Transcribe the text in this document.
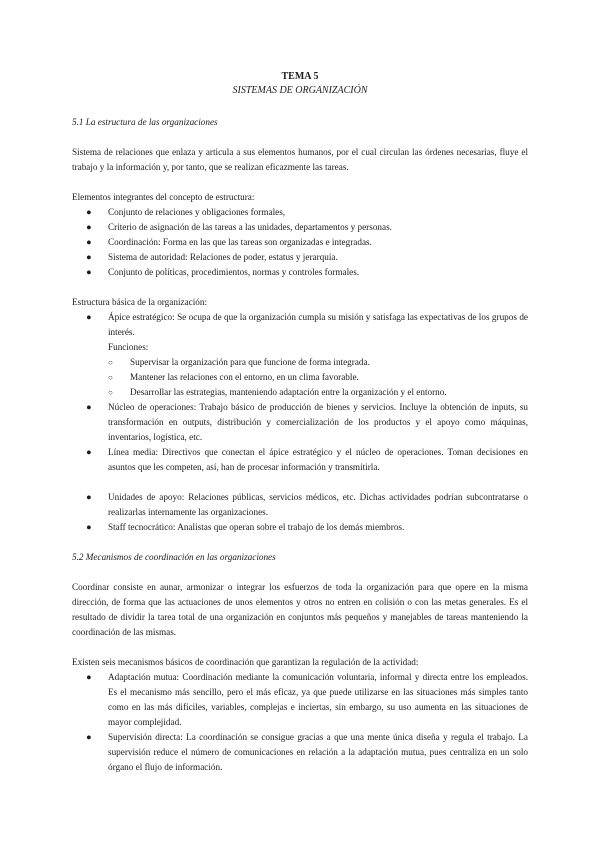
TEMA 5

SISTEMAS DE ORGANIZACIÓN

5.1 La estructura de las organizaciones

Sistema de relaciones que enlaza y articula a sus elementos humanos, por el cual circulan las órdenes necesarias, fluye el trabajo y la información y, por tanto, que se realizan eficazmente las tareas.

Elementos integrantes del concepto de estructura:

● Conjunto de relaciones y obligaciones formales,
● Criterio de asignación de las tareas a las unidades, departamentos y personas.
● Coordinación: Forma en las que las tareas son organizadas e integradas.
● Sistema de autoridad: Relaciones de poder, estatus y jerarquía.
● Conjunto de políticas, procedimientos, normas y controles formales.

Estructura básica de la organización:

● Ápice estratégico: Se ocupa de que la organización cumpla su misión y satisfaga las expectativas de los grupos de interés.
Funciones:
○ Supervisar la organización para que funcione de forma integrada.
○ Mantener las relaciones con el entorno, en un clima favorable.
○ Desarrollar las estrategias, manteniendo adaptación entre la organización y el entorno.
● Núcleo de operaciones: Trabajo básico de producción de bienes y servicios. Incluye la obtención de inputs, su transformación en outputs, distribución y comercialización de los productos y el apoyo como máquinas, inventarios, logística, etc.
● Línea media: Directivos que conectan el ápice estratégico y el núcleo de operaciones. Toman decisiones en asuntos que les competen, así, han de procesar información y transmitirla.
● Unidades de apoyo: Relaciones públicas, servicios médicos, etc. Dichas actividades podrían subcontratarse o realizarlas internamente las organizaciones.
● Staff tecnocrático: Analistas que operan sobre el trabajo de los demás miembros.

5.2 Mecanismos de coordinación en las organizaciones

Coordinar consiste en aunar, armonizar o integrar los esfuerzos de toda la organización para que opere en la misma dirección, de forma que las actuaciones de unos elementos y otros no entren en colisión o con las metas generales. Es el resultado de dividir la tarea total de una organización en conjuntos más pequeños y manejables de tareas manteniendo la coordinación de las mismas.

Existen seis mecanismos básicos de coordinación que garantizan la regulación de la actividad:

● Adaptación mutua: Coordinación mediante la comunicación voluntaria, informal y directa entre los empleados. Es el mecanismo más sencillo, pero el más eficaz, ya que puede utilizarse en las situaciones más simples tanto como en las más difíciles, variables, complejas e inciertas, sin embargo, su uso aumenta en las situaciones de mayor complejidad.
● Supervisión directa: La coordinación se consigue gracias a que una mente única diseña y regula el trabajo. La supervisión reduce el número de comunicaciones en relación a la adaptación mutua, pues centraliza en un solo órgano el flujo de información.
